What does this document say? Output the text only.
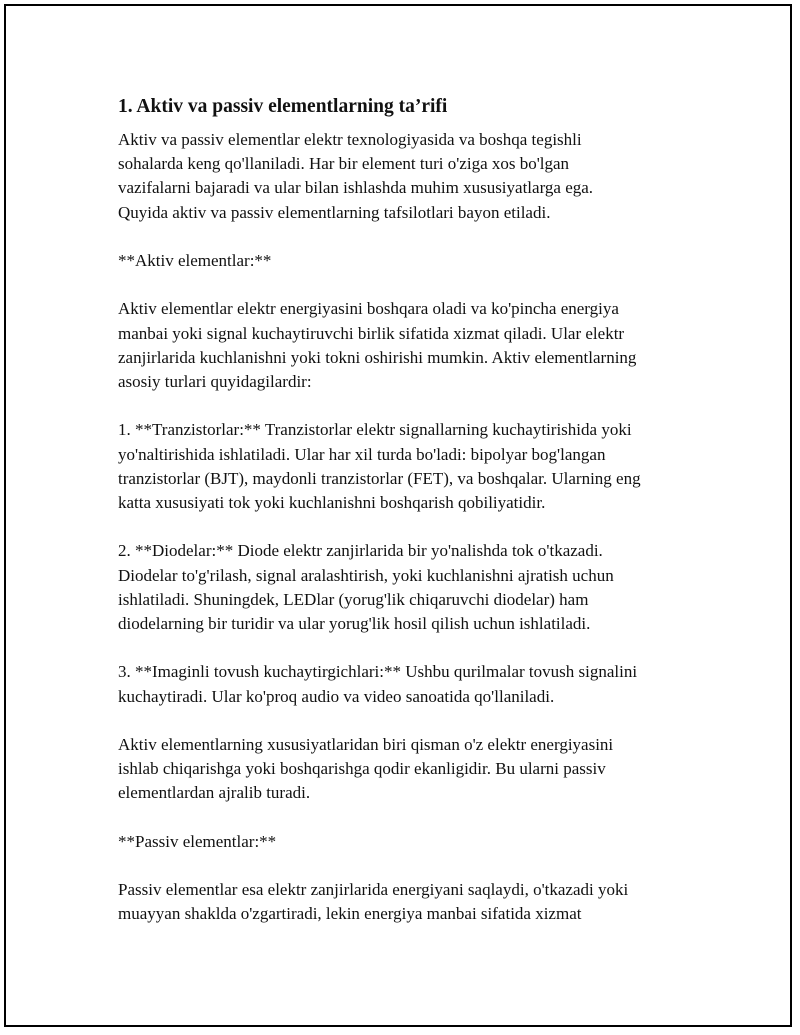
1. Aktiv va passiv elementlarning ta’rifi

Aktiv va passiv elementlar elektr texnologiyasida va boshqa tegishli
sohalarda keng qo'llaniladi. Har bir element turi o'ziga xos bo'lgan
vazifalarni bajaradi va ular bilan ishlashda muhim xususiyatlarga ega.
Quyida aktiv va passiv elementlarning tafsilotlari bayon etiladi.

**Aktiv elementlar:**

Aktiv elementlar elektr energiyasini boshqara oladi va ko'pincha energiya
manbai yoki signal kuchaytiruvchi birlik sifatida xizmat qiladi. Ular elektr
zanjirlarida kuchlanishni yoki tokni oshirishi mumkin. Aktiv elementlarning
asosiy turlari quyidagilardir:

1. **Tranzistorlar:** Tranzistorlar elektr signallarning kuchaytirishida yoki
yo'naltirishida ishlatiladi. Ular har xil turda bo'ladi: bipolyar bog'langan
tranzistorlar (BJT), maydonli tranzistorlar (FET), va boshqalar. Ularning eng
katta xususiyati tok yoki kuchlanishni boshqarish qobiliyatidir.

2. **Diodelar:** Diode elektr zanjirlarida bir yo'nalishda tok o'tkazadi.
Diodelar to'g'rilash, signal aralashtirish, yoki kuchlanishni ajratish uchun
ishlatiladi. Shuningdek, LEDlar (yorug'lik chiqaruvchi diodelar) ham
diodelarning bir turidir va ular yorug'lik hosil qilish uchun ishlatiladi.

3. **Imaginli tovush kuchaytirgichlari:** Ushbu qurilmalar tovush signalini
kuchaytiradi. Ular ko'proq audio va video sanoatida qo'llaniladi.

Aktiv elementlarning xususiyatlaridan biri qisman o'z elektr energiyasini
ishlab chiqarishga yoki boshqarishga qodir ekanligidir. Bu ularni passiv
elementlardan ajralib turadi.

**Passiv elementlar:**

Passiv elementlar esa elektr zanjirlarida energiyani saqlaydi, o'tkazadi yoki
muayyan shaklda o'zgartiradi, lekin energiya manbai sifatida xizmat
